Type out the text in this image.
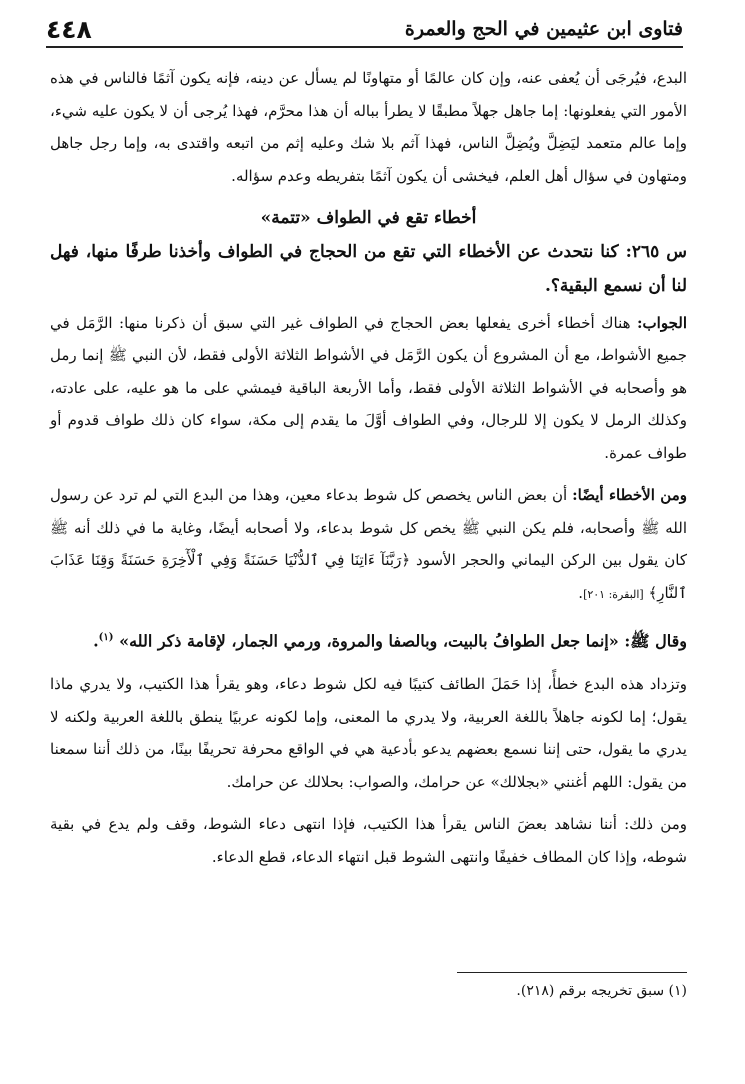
فتاوى ابن عثيمين في الحج والعمرة
٤٤٨

البدع، فيُرجَى أن يُعفى عنه، وإن كان عالمًا أو متهاونًا لم يسأل عن دينه، فإنه يكون آثمًا فالناس في هذه الأمور التي يفعلونها: إما جاهل جهلاً مطبقًا لا يطرأ بباله أن هذا محرَّم، فهذا يُرجى أن لا يكون عليه شيء، وإما عالم متعمد ليَضِلَّ ويُضِلَّ الناس، فهذا آثم بلا شك وعليه إثم من اتبعه واقتدى به، وإما رجل جاهل ومتهاون في سؤال أهل العلم، فيخشى أن يكون آثمًا بتفريطه وعدم سؤاله.

أخطاء تقع في الطواف «تتمة»

س ٢٦٥: كنا نتحدث عن الأخطاء التي تقع من الحجاج في الطواف وأخذنا طرفًا منها، فهل لنا أن نسمع البقية؟.

الجواب: هناك أخطاء أخرى يفعلها بعض الحجاج في الطواف غير التي سبق أن ذكرنا منها: الرَّمَل في جميع الأشواط، مع أن المشروع أن يكون الرَّمَل في الأشواط الثلاثة الأولى فقط، لأن النبي ﷺ إنما رمل هو وأصحابه في الأشواط الثلاثة الأولى فقط، وأما الأربعة الباقية فيمشي على ما هو عليه، على عادته، وكذلك الرمل لا يكون إلا للرجال، وفي الطواف أوَّلَ ما يقدم إلى مكة، سواء كان ذلك طواف قدوم أو طواف عمرة.

ومن الأخطاء أيضًا: أن بعض الناس يخصص كل شوط بدعاء معين، وهذا من البدع التي لم ترد عن رسول الله ﷺ وأصحابه، فلم يكن النبي ﷺ يخص كل شوط بدعاء، ولا أصحابه أيضًا، وغاية ما في ذلك أنه ﷺ كان يقول بين الركن اليماني والحجر الأسود ﴿رَبَّنَآ ءَاتِنَا فِي ٱلدُّنْيَا حَسَنَةً وَفِي ٱلْأٓخِرَةِ حَسَنَةً وَقِنَا عَذَابَ ٱلنَّارِ﴾ [البقرة: ٢٠١].

وقال ﷺ: «إنما جعل الطوافُ بالبيت، وبالصفا والمروة، ورمي الجمار، لإقامة ذكر الله» $^{(١)}$.

وتزداد هذه البدع خطأً، إذا حَمَلَ الطائف كتيبًا فيه لكل شوط دعاء، وهو يقرأ هذا الكتيب، ولا يدري ماذا يقول؛ إما لكونه جاهلاً باللغة العربية، ولا يدري ما المعنى، وإما لكونه عربيًا ينطق باللغة العربية ولكنه لا يدري ما يقول، حتى إننا نسمع بعضهم يدعو بأدعية هي في الواقع محرفة تحريفًا بينًا، من ذلك أننا سمعنا من يقول: اللهم أغنني «بجلالك» عن حرامك، والصواب: بحلالك عن حرامك.

ومن ذلك: أننا نشاهد بعضَ الناس يقرأ هذا الكتيب، فإذا انتهى دعاء الشوط، وقف ولم يدع في بقية شوطه، وإذا كان المطاف خفيفًا وانتهى الشوط قبل انتهاء الدعاء، قطع الدعاء.

(١) سبق تخريجه برقم (٢١٨).
